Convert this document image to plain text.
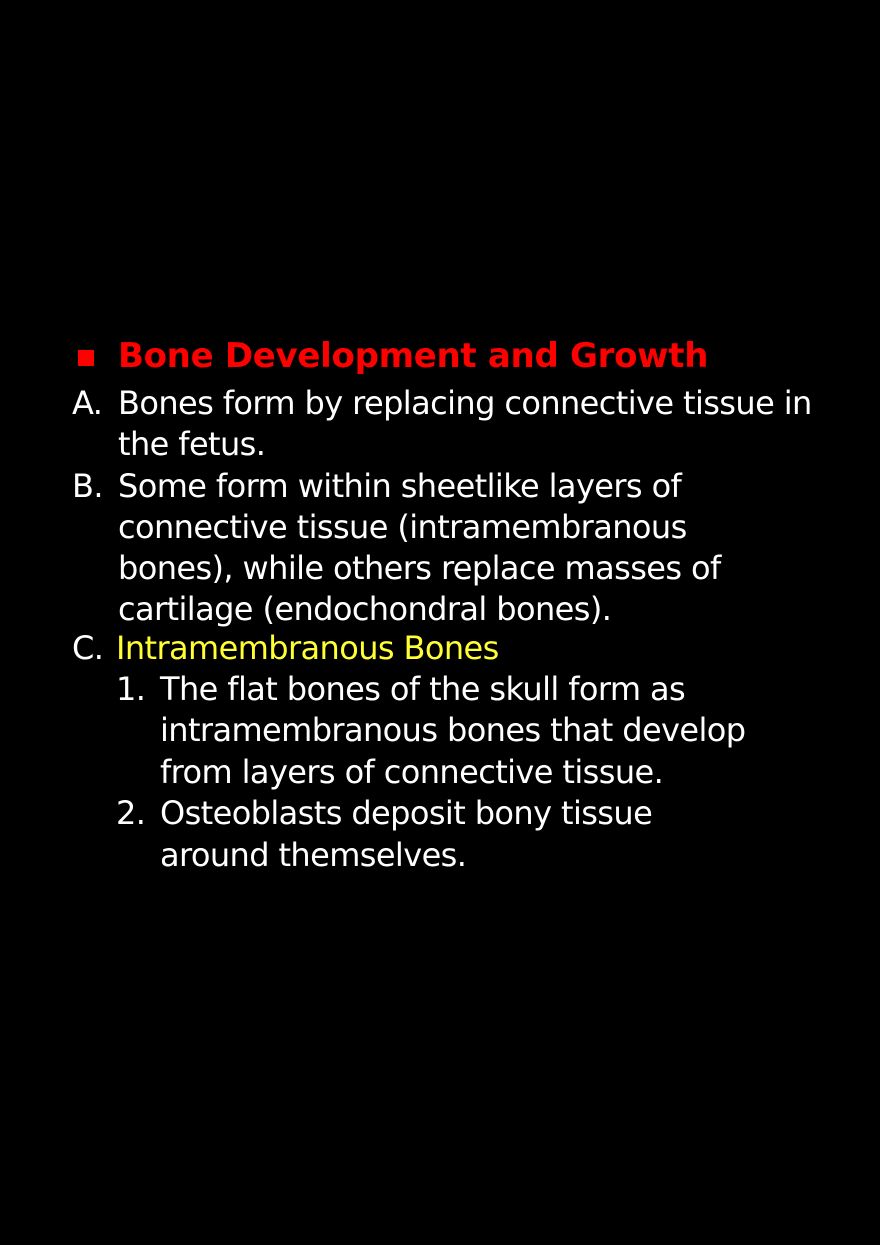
Bone Development and Growth
A. Bones form by replacing connective tissue in
the fetus.
B. Some form within sheetlike layers of
connective tissue (intramembranous
bones), while others replace masses of
cartilage (endochondral bones).
C. Intramembranous Bones
1. The flat bones of the skull form as
intramembranous bones that develop
from layers of connective tissue.
2. Osteoblasts deposit bony tissue
around themselves.
